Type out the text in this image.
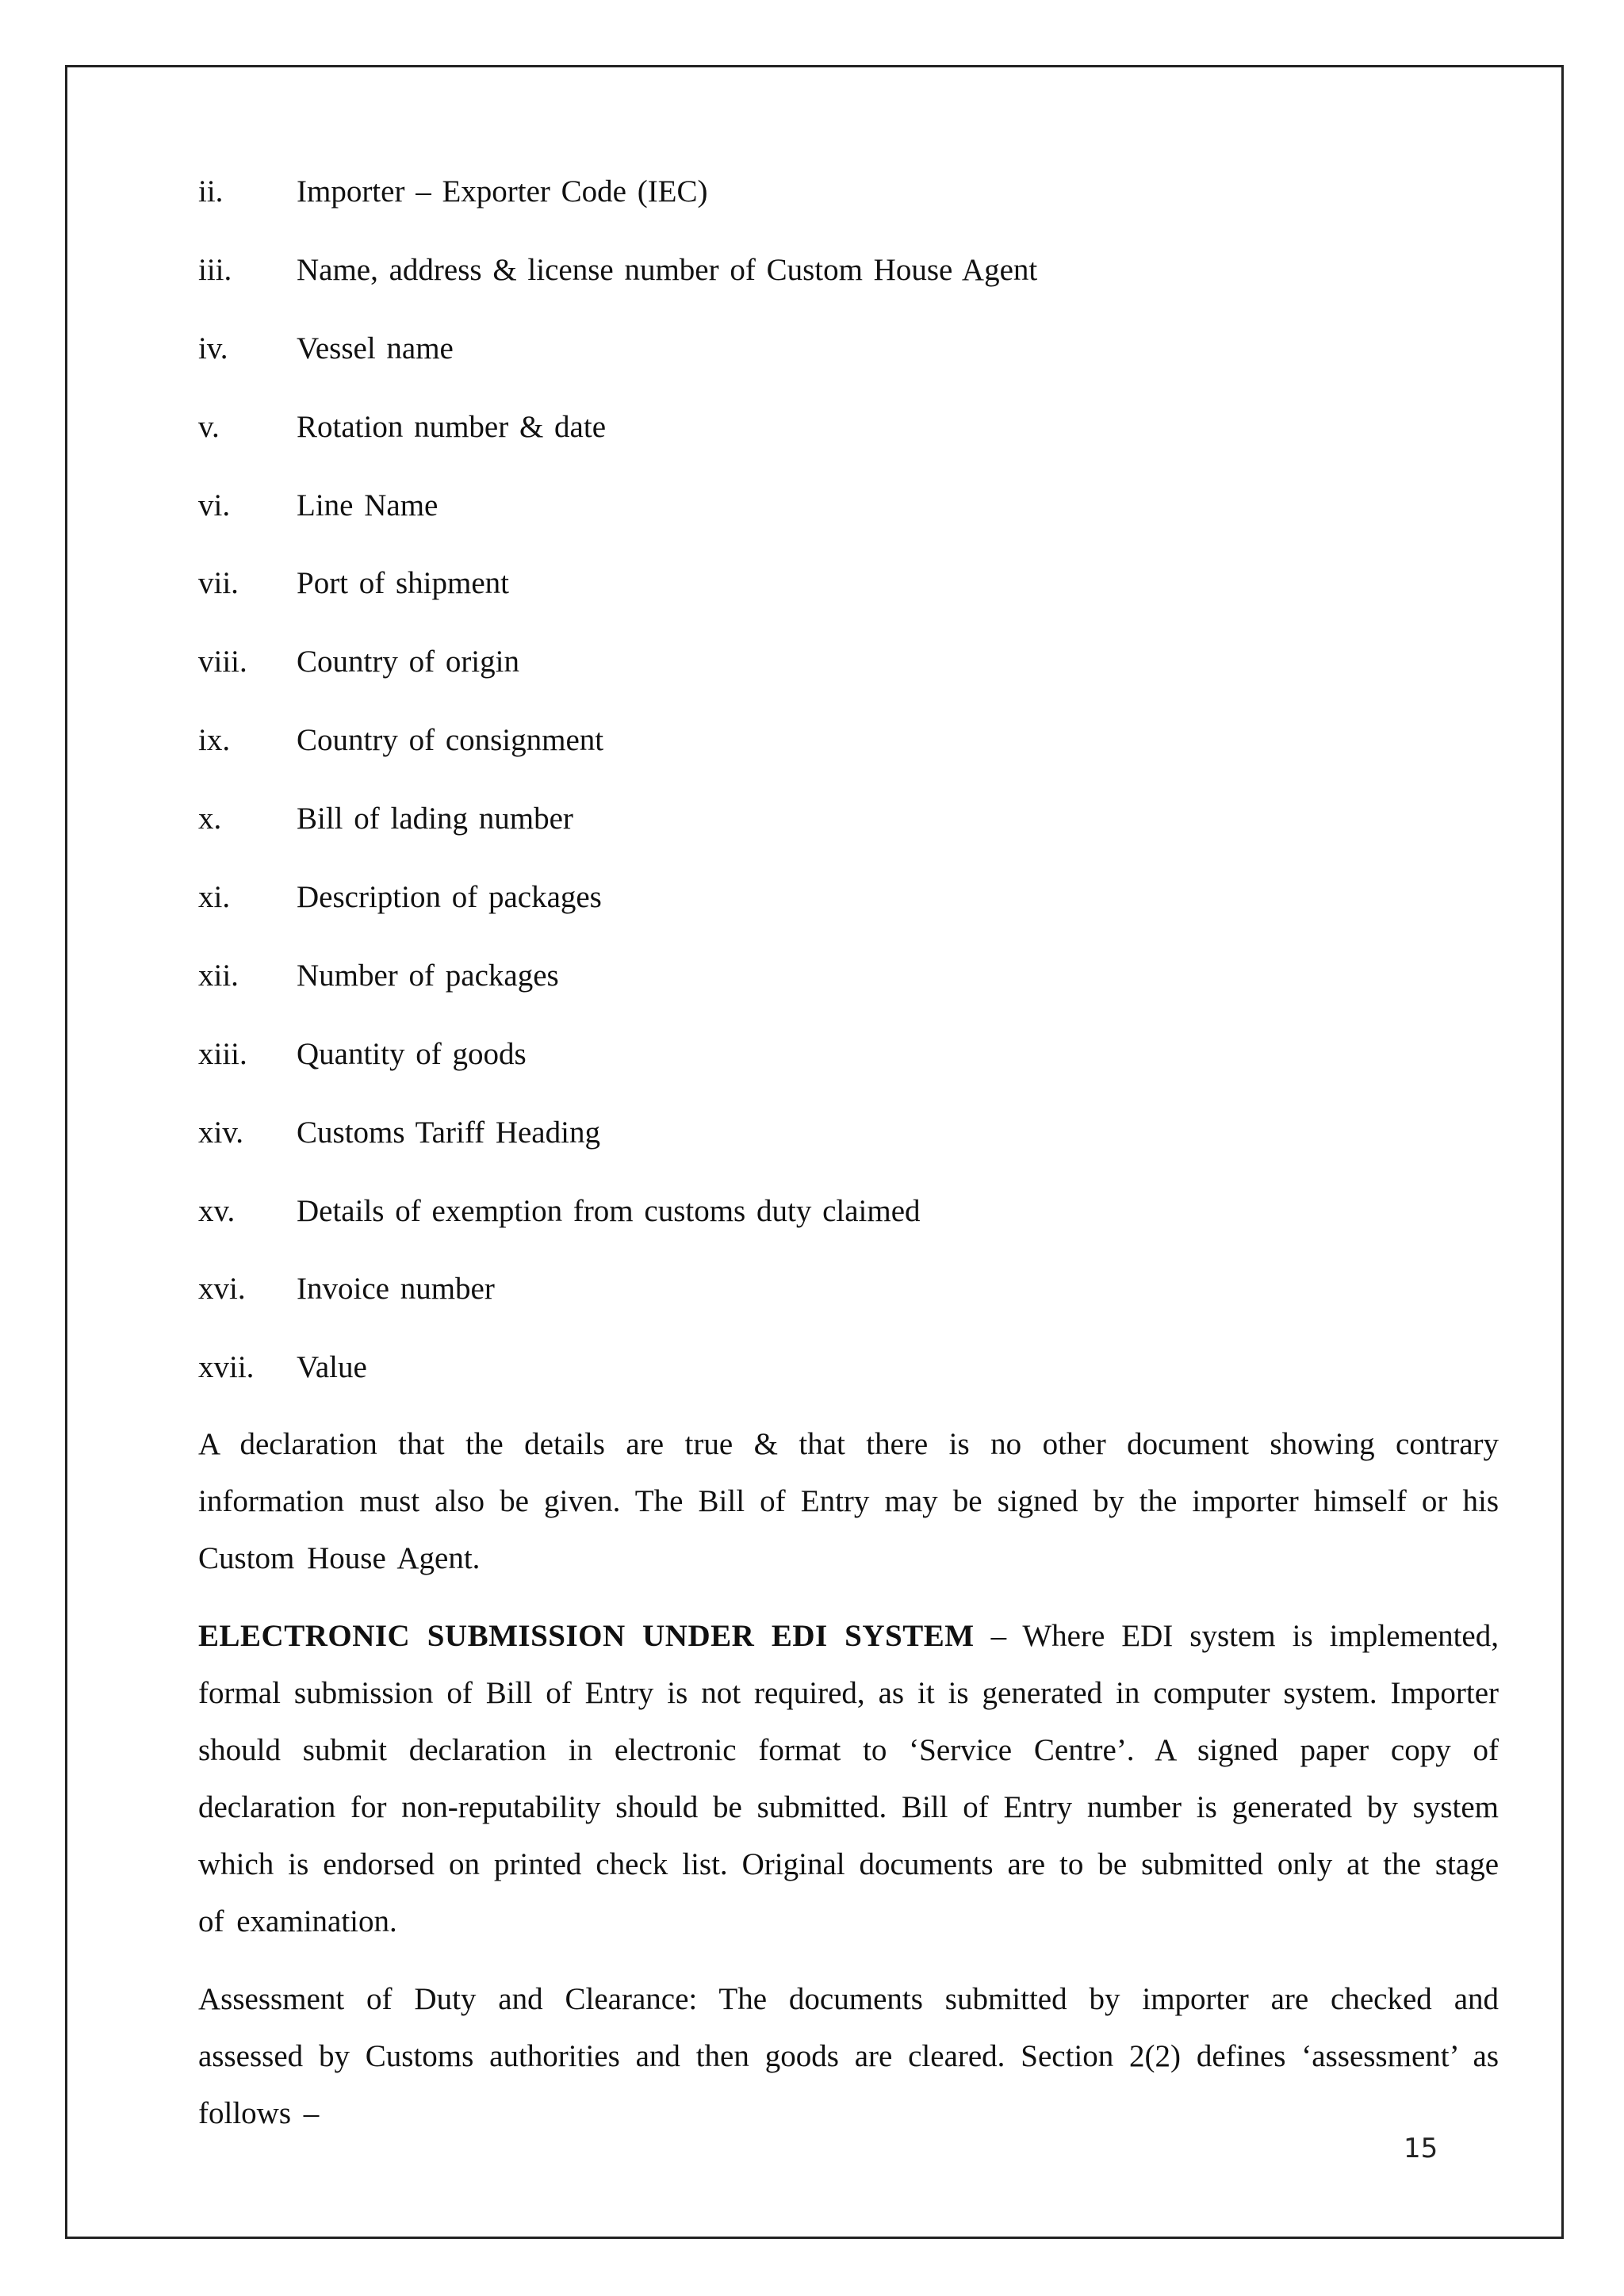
ii.	Importer – Exporter Code (IEC)
iii.	Name, address & license number of Custom House Agent
iv.	Vessel name
v.	Rotation number & date
vi.	Line Name
vii.	Port of shipment
viii.	Country of origin
ix.	Country of consignment
x.	Bill of lading number
xi.	Description of packages
xii.	Number of packages
xiii.	Quantity of goods
xiv.	Customs Tariff Heading
xv.	Details of exemption from customs duty claimed
xvi.	Invoice number
xvii.	Value

A declaration that the details are true & that there is no other document showing contrary information must also be given. The Bill of Entry may be signed by the importer himself or his Custom House Agent.

ELECTRONIC SUBMISSION UNDER EDI SYSTEM – Where EDI system is implemented, formal submission of Bill of Entry is not required, as it is generated in computer system. Importer should submit declaration in electronic format to ‘Service Centre’. A signed paper copy of declaration for non-reputability should be submitted. Bill of Entry number is generated by system which is endorsed on printed check list. Original documents are to be submitted only at the stage of examination.

Assessment of Duty and Clearance: The documents submitted by importer are checked and assessed by Customs authorities and then goods are cleared. Section 2(2) defines ‘assessment’ as follows –

15
